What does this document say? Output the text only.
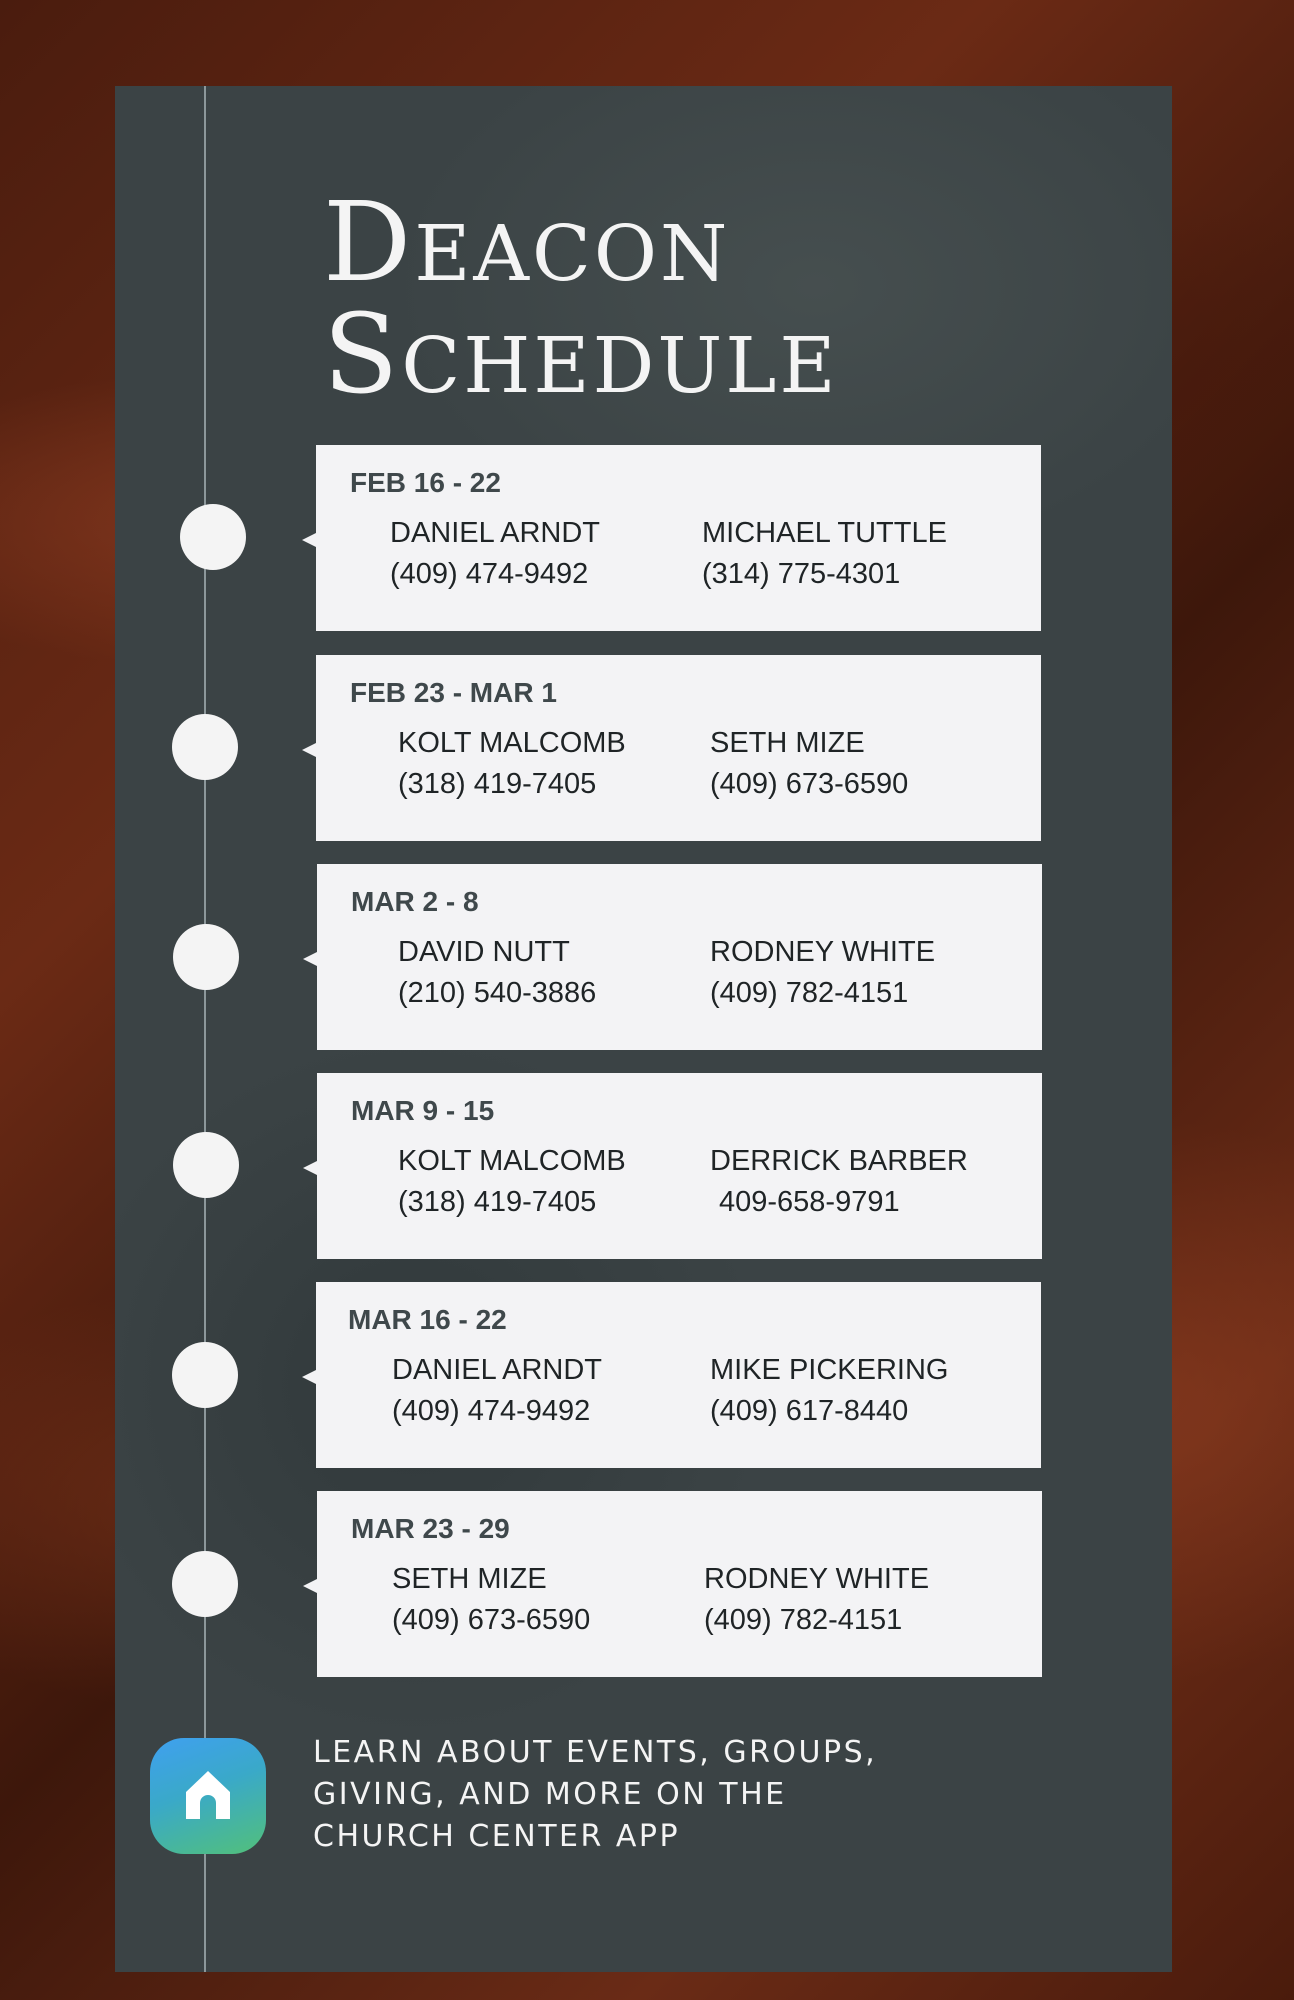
Deacon
Schedule
FEB 16 - 22
DANIEL ARNDT
(409) 474-9492
MICHAEL TUTTLE
(314) 775-4301
FEB 23 - MAR 1
KOLT MALCOMB
(318) 419-7405
SETH MIZE
(409) 673-6590
MAR 2 - 8
DAVID NUTT
(210) 540-3886
RODNEY WHITE
(409) 782-4151
MAR 9 - 15
KOLT MALCOMB
(318) 419-7405
DERRICK BARBER
409-658-9791
MAR 16 - 22
DANIEL ARNDT
(409) 474-9492
MIKE PICKERING
(409) 617-8440
MAR 23 - 29
SETH MIZE
(409) 673-6590
RODNEY WHITE
(409) 782-4151
LEARN ABOUT EVENTS, GROUPS,
GIVING, AND MORE ON THE
CHURCH CENTER APP
